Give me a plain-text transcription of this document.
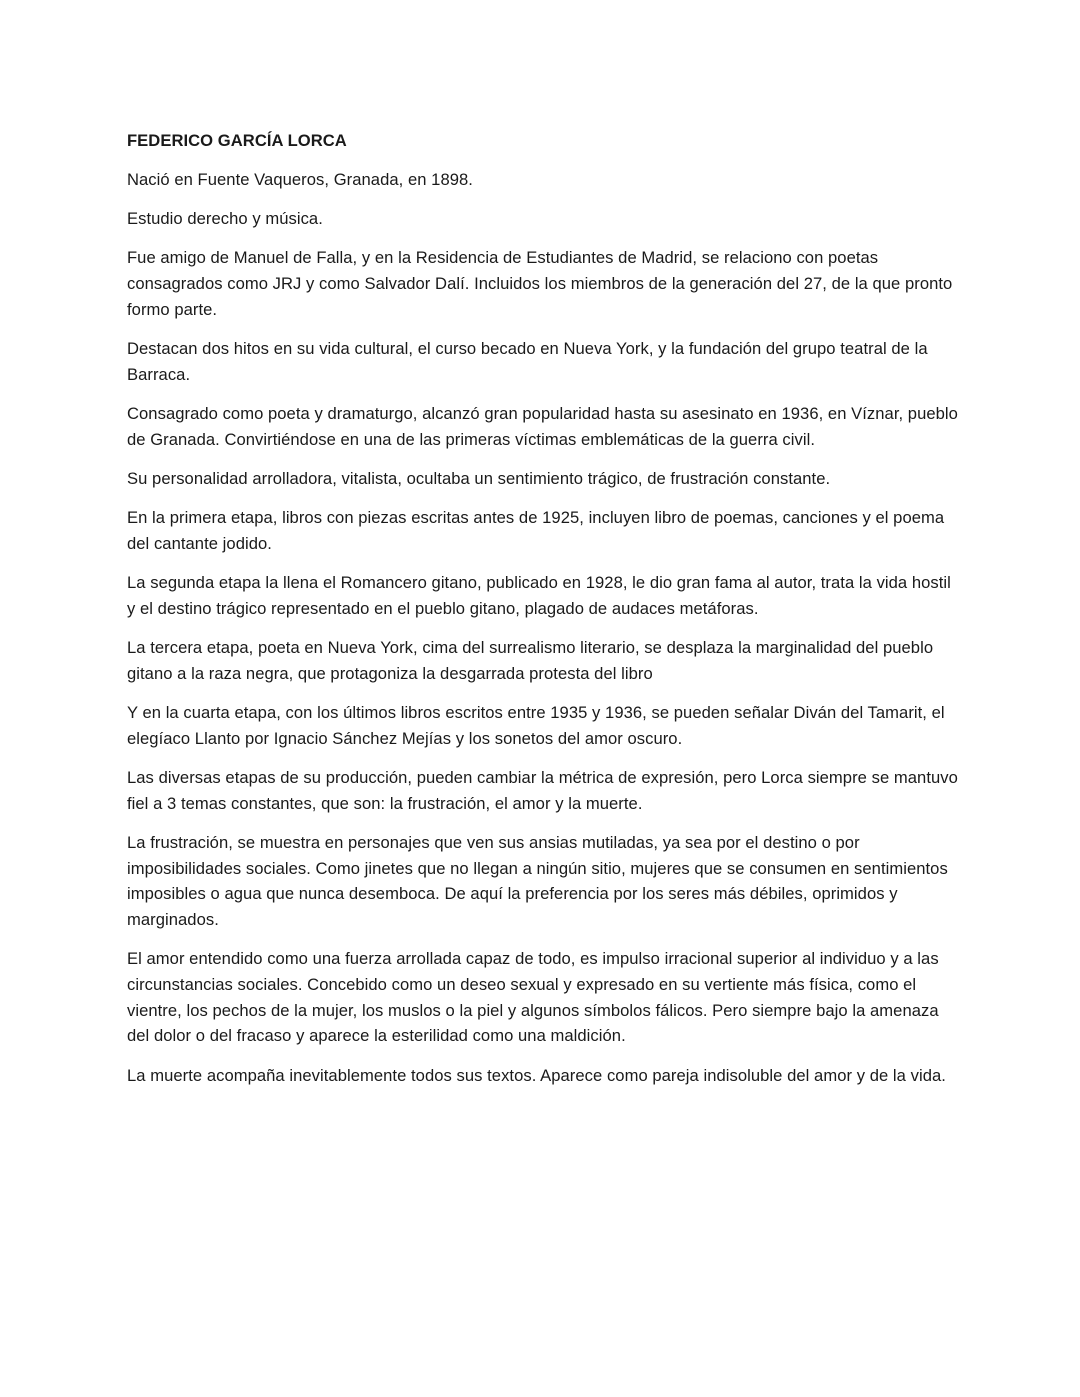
FEDERICO GARCÍA LORCA

Nació en Fuente Vaqueros, Granada, en 1898.

Estudio derecho y música.

Fue amigo de Manuel de Falla, y en la Residencia de Estudiantes de Madrid, se relaciono con poetas consagrados como JRJ y como Salvador Dalí. Incluidos los miembros de la generación del 27, de la que pronto formo parte.

Destacan dos hitos en su vida cultural, el curso becado en Nueva York, y la fundación del grupo teatral de la Barraca.

Consagrado como poeta y dramaturgo, alcanzó gran popularidad hasta su asesinato en 1936, en Víznar, pueblo de Granada. Convirtiéndose en una de las primeras víctimas emblemáticas de la guerra civil.

Su personalidad arrolladora, vitalista, ocultaba un sentimiento trágico, de frustración constante.

En la primera etapa, libros con piezas escritas antes de 1925, incluyen libro de poemas, canciones y el poema del cantante jodido.

La segunda etapa la llena el Romancero gitano, publicado en 1928, le dio gran fama al autor, trata la vida hostil y el destino trágico representado en el pueblo gitano, plagado de audaces metáforas.

La tercera etapa, poeta en Nueva York, cima del surrealismo literario, se desplaza la marginalidad del pueblo gitano a la raza negra, que protagoniza la desgarrada protesta del libro

Y en la cuarta etapa, con los últimos libros escritos entre 1935 y 1936, se pueden señalar Diván del Tamarit, el elegíaco Llanto por Ignacio Sánchez Mejías y los sonetos del amor oscuro.

Las diversas etapas de su producción, pueden cambiar la métrica de expresión, pero Lorca siempre se mantuvo fiel a 3 temas constantes, que son: la frustración, el amor y la muerte.

La frustración, se muestra en personajes que ven sus ansias mutiladas, ya sea por el destino o por imposibilidades sociales. Como jinetes que no llegan a ningún sitio, mujeres que se consumen en sentimientos imposibles o agua que nunca desemboca. De aquí la preferencia por los seres más débiles, oprimidos y marginados.

El amor entendido como una fuerza arrollada capaz de todo, es impulso irracional superior al individuo y a las circunstancias sociales. Concebido como un deseo sexual y expresado en su vertiente más física, como el vientre, los pechos de la mujer, los muslos o la piel y algunos símbolos fálicos. Pero siempre bajo la amenaza del dolor o del fracaso y aparece la esterilidad como una maldición.

La muerte acompaña inevitablemente todos sus textos. Aparece como pareja indisoluble del amor y de la vida.
